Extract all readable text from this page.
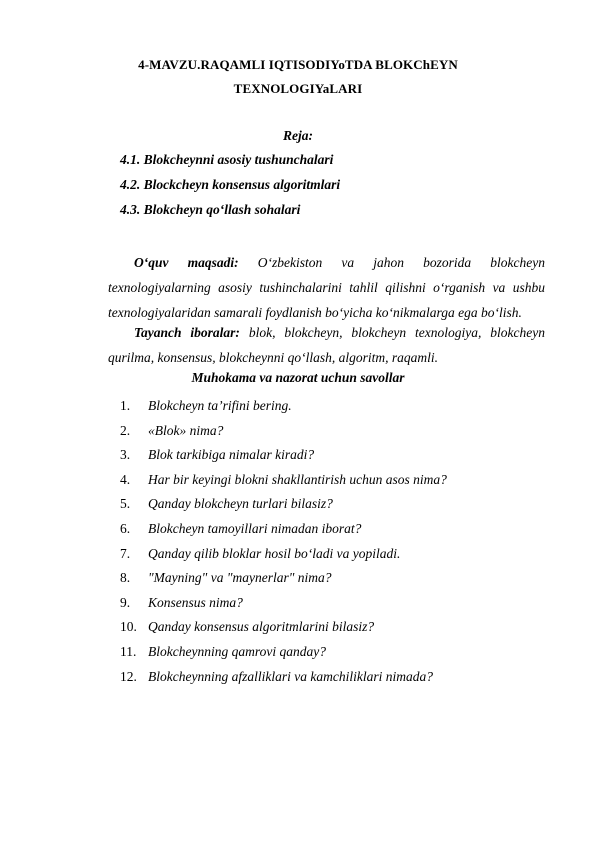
4-MAVZU.RAQAMLI IQTISODIYoTDA BLOKChEYN
TEXNOLOGIYaLARI
Reja:
4.1. Blokcheynni asosiy tushunchalari
4.2. Blockcheyn konsensus algoritmlari
4.3. Blokcheyn qo‘llash sohalari

O‘quv maqsadi: O‘zbekiston va jahon bozorida blokcheyn texnologiyalarning asosiy tushinchalarini tahlil qilishni o‘rganish va ushbu texnologiyalaridan samarali foydlanish bo‘yicha ko‘nikmalarga ega bo‘lish.

Tayanch iboralar: blok, blokcheyn, blokcheyn texnologiya, blokcheyn qurilma, konsensus, blokcheynni qo‘llash, algoritm, raqamli.

Muhokama va nazorat uchun savollar
1.	Blokcheyn ta’rifini bering.
2.	«Blok» nima?
3.	Blok tarkibiga nimalar kiradi?
4.	Har bir keyingi blokni shakllantirish uchun asos nima?
5.	Qanday blokcheyn turlari bilasiz?
6.	Blokcheyn tamoyillari nimadan iborat?
7.	Qanday qilib bloklar hosil bo‘ladi va yopiladi.
8.	"Mayning" va "maynerlar" nima?
9.	Konsensus nima?
10. Qanday konsensus algoritmlarini bilasiz?
11. Blokcheynning qamrovi qanday?
12. Blokcheynning afzalliklari va kamchiliklari nimada?
